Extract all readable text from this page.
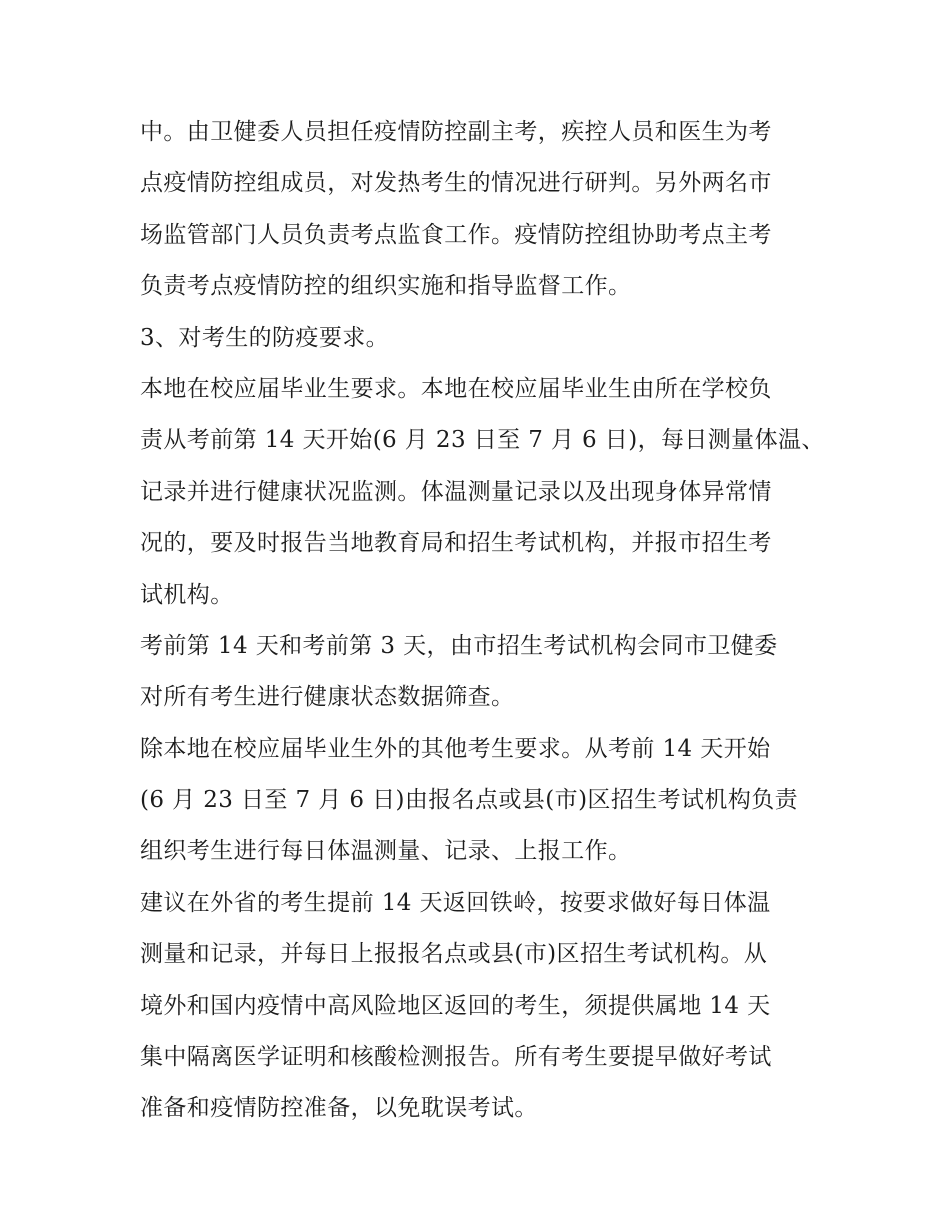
中。由卫健委人员担任疫情防控副主考，疾控人员和医生为考
点疫情防控组成员，对发热考生的情况进行研判。另外两名市
场监管部门人员负责考点监食工作。疫情防控组协助考点主考
负责考点疫情防控的组织实施和指导监督工作。
3、对考生的防疫要求。
本地在校应届毕业生要求。本地在校应届毕业生由所在学校负
责从考前第 14 天开始(6 月 23 日至 7 月 6 日)，每日测量体温、
记录并进行健康状况监测。体温测量记录以及出现身体异常情
况的，要及时报告当地教育局和招生考试机构，并报市招生考
试机构。
考前第 14 天和考前第 3 天，由市招生考试机构会同市卫健委
对所有考生进行健康状态数据筛查。
除本地在校应届毕业生外的其他考生要求。从考前 14 天开始
(6 月 23 日至 7 月 6 日)由报名点或县(市)区招生考试机构负责
组织考生进行每日体温测量、记录、上报工作。
建议在外省的考生提前 14 天返回铁岭，按要求做好每日体温
测量和记录，并每日上报报名点或县(市)区招生考试机构。从
境外和国内疫情中高风险地区返回的考生，须提供属地 14 天
集中隔离医学证明和核酸检测报告。所有考生要提早做好考试
准备和疫情防控准备，以免耽误考试。
